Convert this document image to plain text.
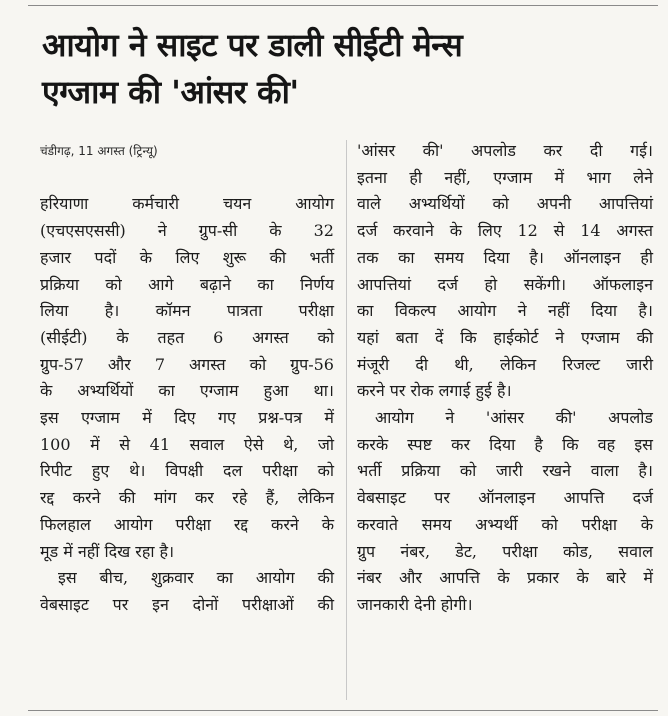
आयोग ने साइट पर डाली सीईटी मेन्स
एग्जाम की 'आंसर की'
चंडीगढ़, 11 अगस्त (ट्रिन्यू)

हरियाणा कर्मचारी चयन आयोग

(एचएसएससी) ने ग्रुप-सी के 32

हजार पदों के लिए शुरू की भर्ती

प्रक्रिया को आगे बढ़ाने का निर्णय

लिया है। कॉमन पात्रता परीक्षा

(सीईटी) के तहत 6 अगस्त को

ग्रुप-57 और 7 अगस्त को ग्रुप-56

के अभ्यर्थियों का एग्जाम हुआ था।

इस एग्जाम में दिए गए प्रश्न-पत्र में

100 में से 41 सवाल ऐसे थे, जो

रिपीट हुए थे। विपक्षी दल परीक्षा को

रद्द करने की मांग कर रहे हैं, लेकिन

फिलहाल आयोग परीक्षा रद्द करने के

मूड में नहीं दिख रहा है।

इस बीच, शुक्रवार का आयोग की

वेबसाइट पर इन दोनों परीक्षाओं की

'आंसर की' अपलोड कर दी गई।

इतना ही नहीं, एग्जाम में भाग लेने

वाले अभ्यर्थियों को अपनी आपत्तियां

दर्ज करवाने के लिए 12 से 14 अगस्त

तक का समय दिया है। ऑनलाइन ही

आपत्तियां दर्ज हो सकेंगी। ऑफलाइन

का विकल्प आयोग ने नहीं दिया है।

यहां बता दें कि हाईकोर्ट ने एग्जाम की

मंजूरी दी थी, लेकिन रिजल्ट जारी

करने पर रोक लगाई हुई है।

आयोग ने 'आंसर की' अपलोड

करके स्पष्ट कर दिया है कि वह इस

भर्ती प्रक्रिया को जारी रखने वाला है।

वेबसाइट पर ऑनलाइन आपत्ति दर्ज

करवाते समय अभ्यर्थी को परीक्षा के

ग्रुप नंबर, डेट, परीक्षा कोड, सवाल

नंबर और आपत्ति के प्रकार के बारे में

जानकारी देनी होगी।
